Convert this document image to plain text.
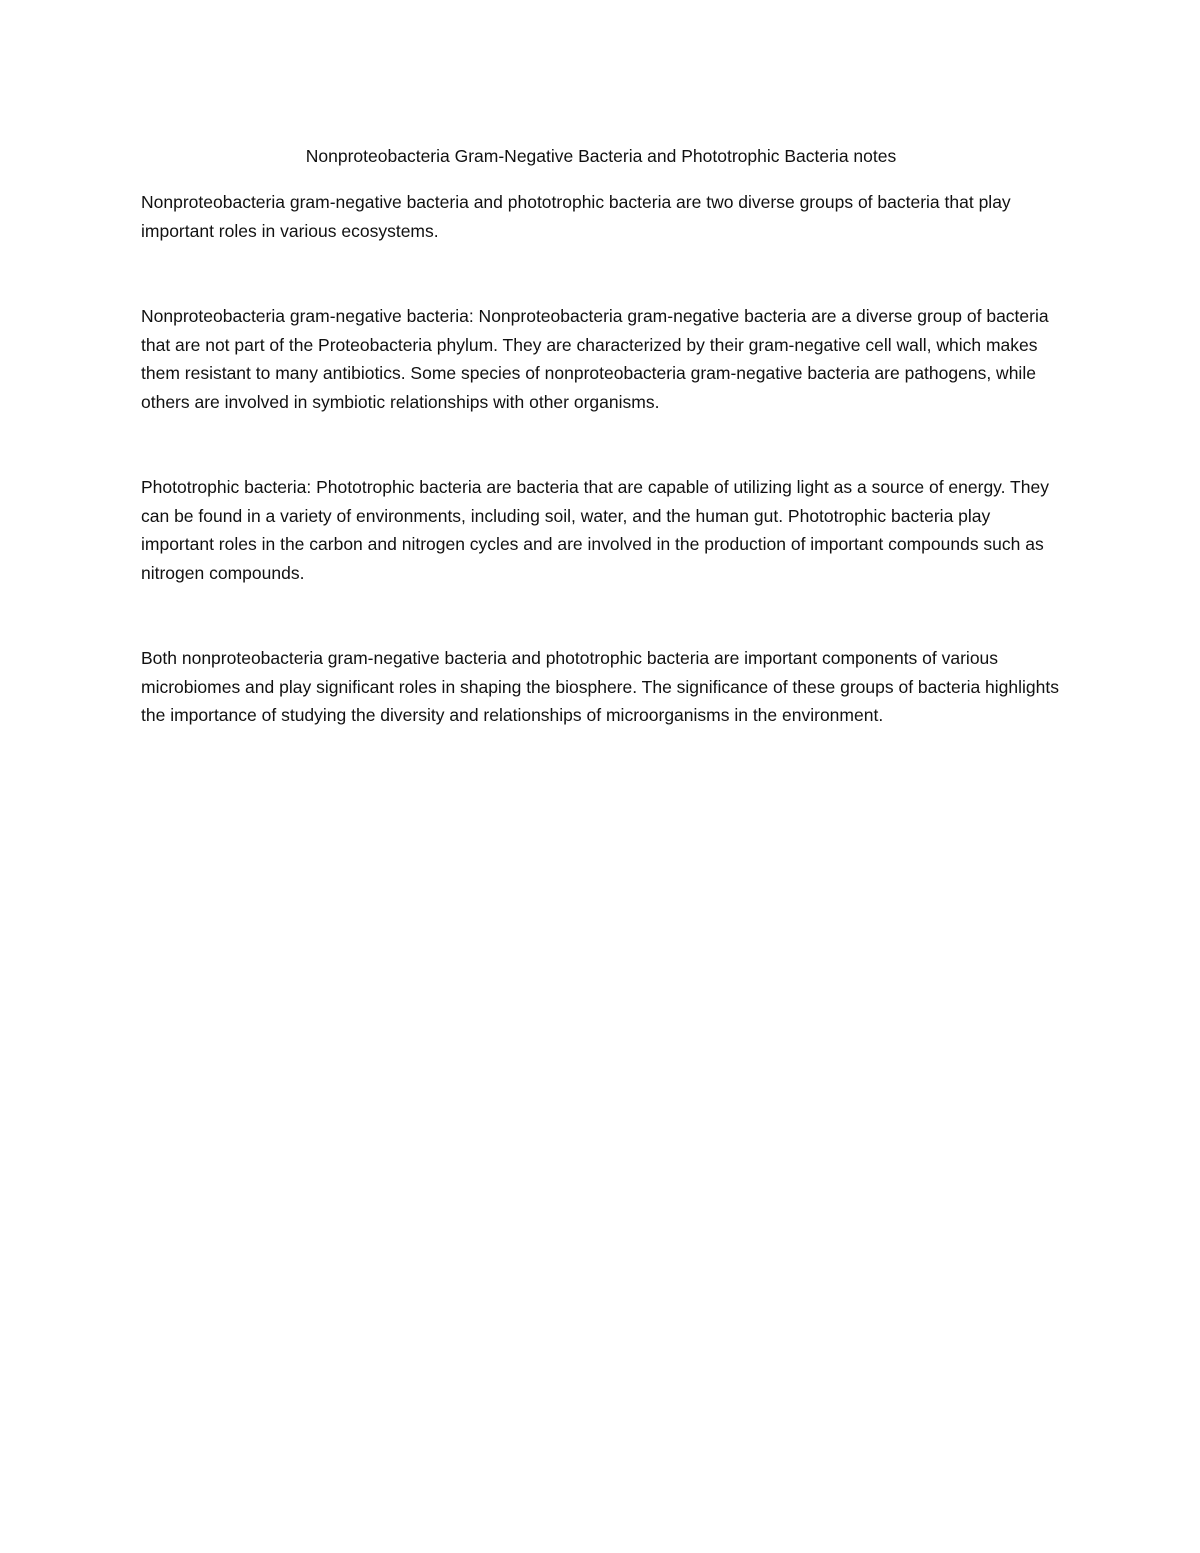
Nonproteobacteria Gram-Negative Bacteria and Phototrophic Bacteria notes

Nonproteobacteria gram-negative bacteria and phototrophic bacteria are two diverse groups of bacteria that play important roles in various ecosystems.

Nonproteobacteria gram-negative bacteria: Nonproteobacteria gram-negative bacteria are a diverse group of bacteria that are not part of the Proteobacteria phylum. They are characterized by their gram-negative cell wall, which makes them resistant to many antibiotics. Some species of nonproteobacteria gram-negative bacteria are pathogens, while others are involved in symbiotic relationships with other organisms.

Phototrophic bacteria: Phototrophic bacteria are bacteria that are capable of utilizing light as a source of energy. They can be found in a variety of environments, including soil, water, and the human gut. Phototrophic bacteria play important roles in the carbon and nitrogen cycles and are involved in the production of important compounds such as nitrogen compounds.

Both nonproteobacteria gram-negative bacteria and phototrophic bacteria are important components of various microbiomes and play significant roles in shaping the biosphere. The significance of these groups of bacteria highlights the importance of studying the diversity and relationships of microorganisms in the environment.
